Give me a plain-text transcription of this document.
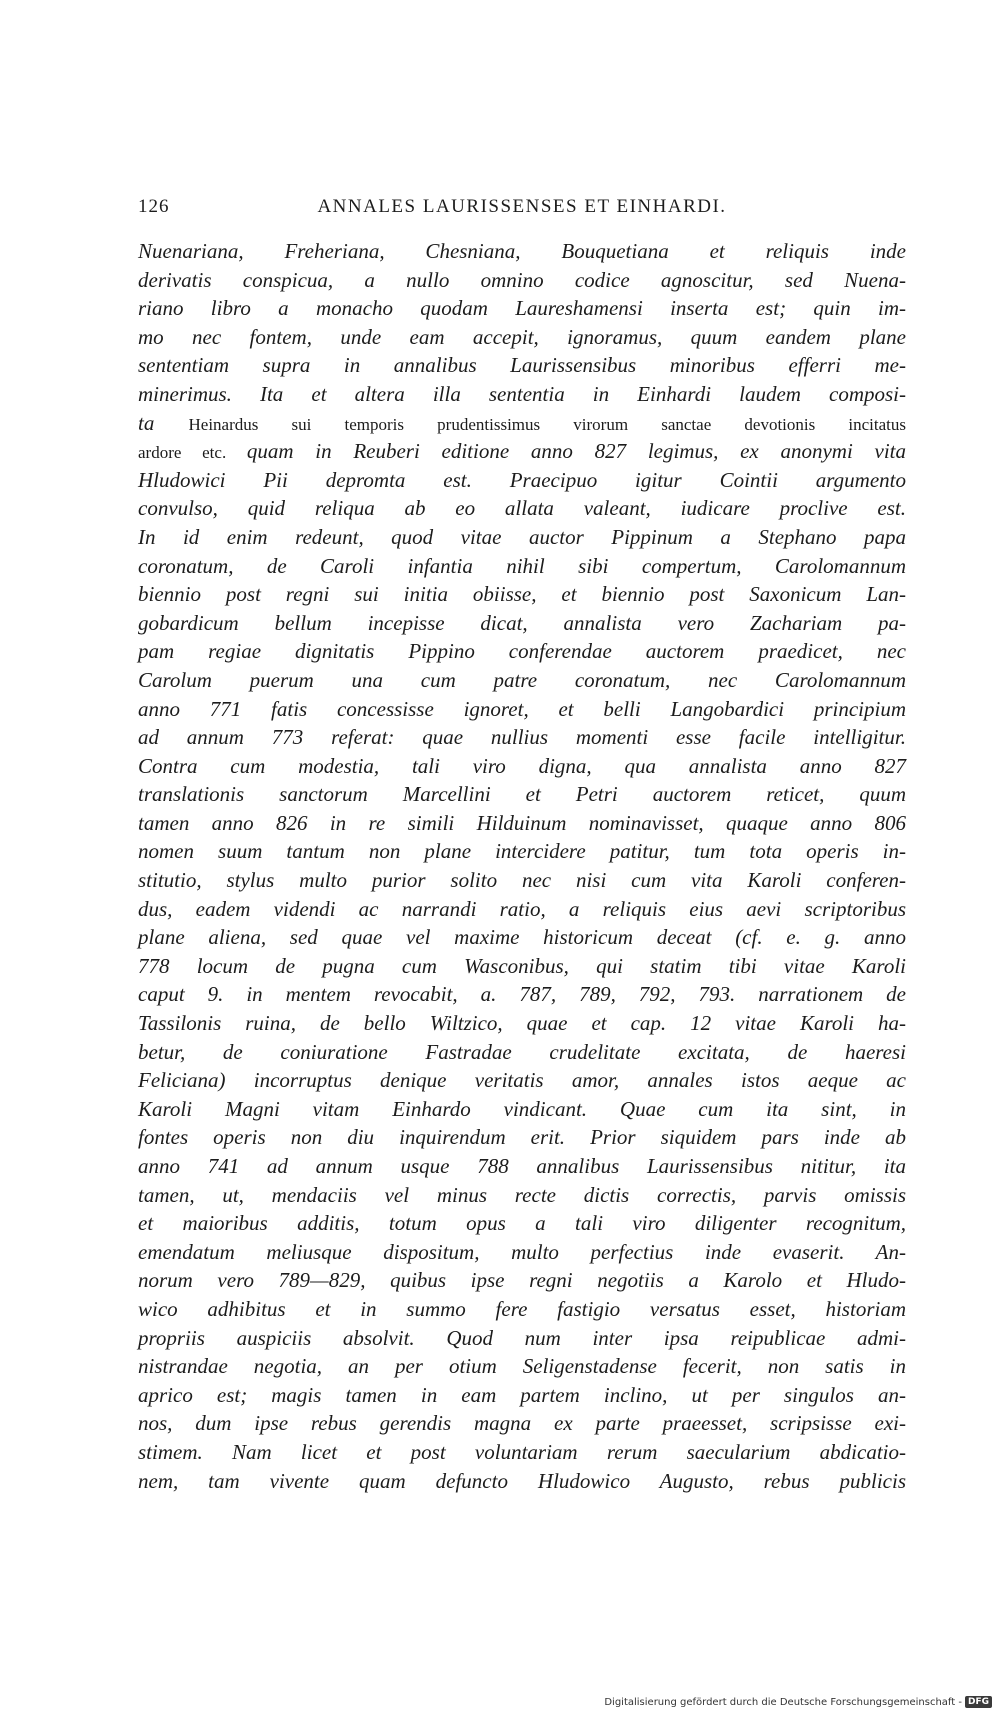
126	ANNALES LAURISSENSES ET EINHARDI.
Nuenariana, Freheriana, Chesniana, Bouquetiana et reliquis inde
derivatis conspicua, a nullo omnino codice agnoscitur, sed Nuena-
riano libro a monacho quodam Laureshamensi inserta est; quin im-
mo nec fontem, unde eam accepit, ignoramus, quum eandem plane
sententiam supra in annalibus Laurissensibus minoribus efferri me-
minerimus. Ita et altera illa sententia in Einhardi laudem composi-
ta Heinardus sui temporis prudentissimus virorum sanctae devotionis incitatus
ardore etc. quam in Reuberi editione anno 827 legimus, ex anonymi vita
Hludowici Pii depromta est. Praecipuo igitur Cointii argumento
convulso, quid reliqua ab eo allata valeant, iudicare proclive est.
In id enim redeunt, quod vitae auctor Pippinum a Stephano papa
coronatum, de Caroli infantia nihil sibi compertum, Carolomannum
biennio post regni sui initia obiisse, et biennio post Saxonicum Lan-
gobardicum bellum incepisse dicat, annalista vero Zachariam pa-
pam regiae dignitatis Pippino conferendae auctorem praedicet, nec
Carolum puerum una cum patre coronatum, nec Carolomannum
anno 771 fatis concessisse ignoret, et belli Langobardici principium
ad annum 773 referat: quae nullius momenti esse facile intelligitur.
Contra cum modestia, tali viro digna, qua annalista anno 827
translationis sanctorum Marcellini et Petri auctorem reticet, quum
tamen anno 826 in re simili Hilduinum nominavisset, quaque anno 806
nomen suum tantum non plane intercidere patitur, tum tota operis in-
stitutio, stylus multo purior solito nec nisi cum vita Karoli conferen-
dus, eadem videndi ac narrandi ratio, a reliquis eius aevi scriptoribus
plane aliena, sed quae vel maxime historicum deceat (cf. e. g. anno
778 locum de pugna cum Wasconibus, qui statim tibi vitae Karoli
caput 9. in mentem revocabit, a. 787, 789, 792, 793. narrationem de
Tassilonis ruina, de bello Wiltzico, quae et cap. 12 vitae Karoli ha-
betur, de coniuratione Fastradae crudelitate excitata, de haeresi
Feliciana) incorruptus denique veritatis amor, annales istos aeque ac
Karoli Magni vitam Einhardo vindicant. Quae cum ita sint, in
fontes operis non diu inquirendum erit. Prior siquidem pars inde ab
anno 741 ad annum usque 788 annalibus Laurissensibus nititur, ita
tamen, ut, mendaciis vel minus recte dictis correctis, parvis omissis
et maioribus additis, totum opus a tali viro diligenter recognitum,
emendatum meliusque dispositum, multo perfectius inde evaserit. An-
norum vero 789—829, quibus ipse regni negotiis a Karolo et Hludo-
wico adhibitus et in summo fere fastigio versatus esset, historiam
propriis auspiciis absolvit. Quod num inter ipsa reipublicae admi-
nistrandae negotia, an per otium Seligenstadense fecerit, non satis in
aprico est; magis tamen in eam partem inclino, ut per singulos an-
nos, dum ipse rebus gerendis magna ex parte praeesset, scripsisse exi-
stimem. Nam licet et post voluntariam rerum saecularium abdicatio-
nem, tam vivente quam defuncto Hludowico Augusto, rebus publicis
Digitalisierung gefördert durch die Deutsche Forschungsgemeinschaft - DFG
